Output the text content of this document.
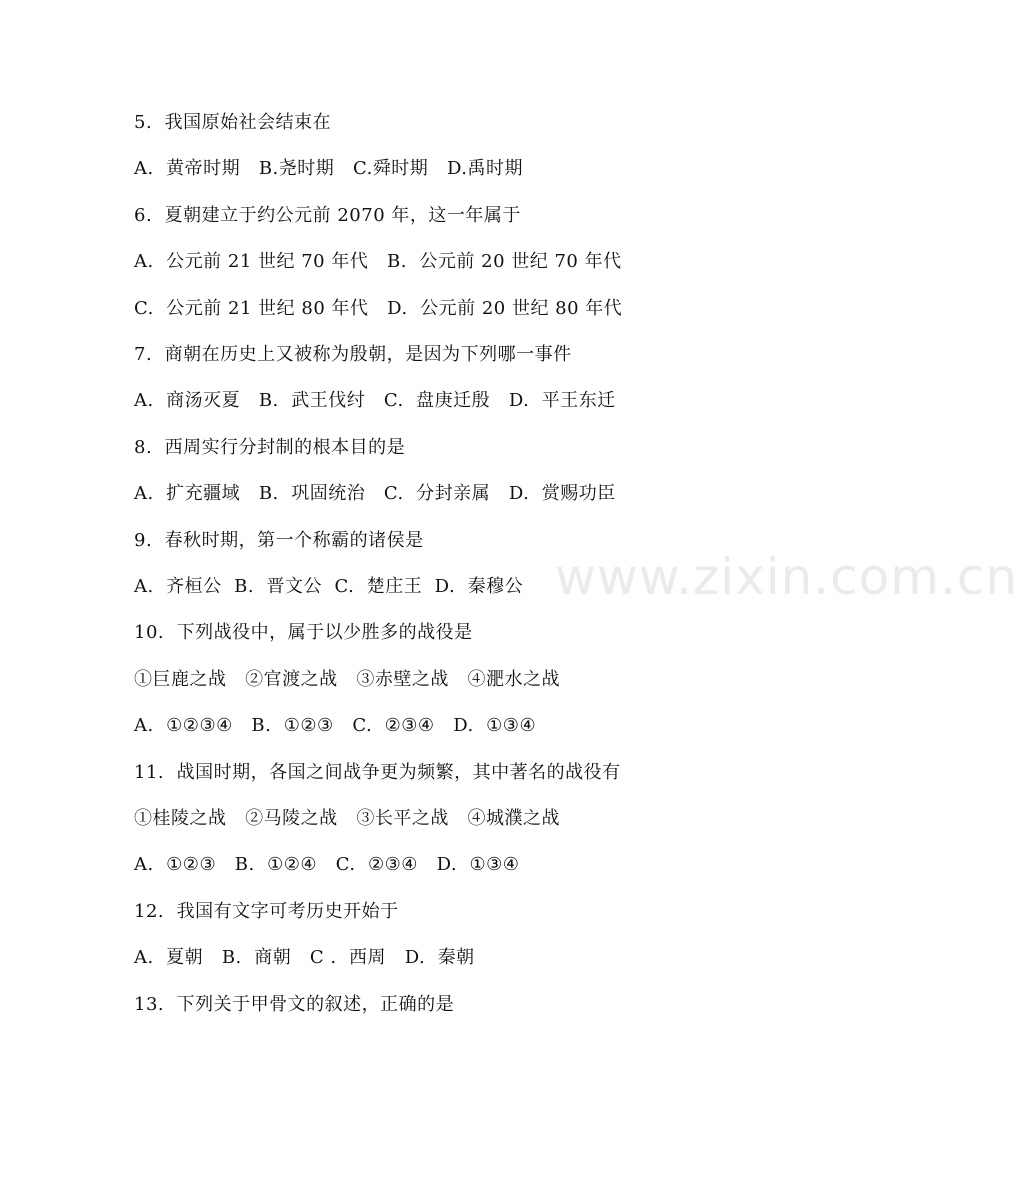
www.zixin.com.cn
5.  我国原始社会结束在
A.  黄帝时期   B.尧时期   C.舜时期   D.禹时期
6.  夏朝建立于约公元前 2070 年，这一年属于
A.  公元前 21 世纪 70 年代   B.  公元前 20 世纪 70 年代
C.  公元前 21 世纪 80 年代   D.  公元前 20 世纪 80 年代
7.  商朝在历史上又被称为殷朝，是因为下列哪一事件
A.  商汤灭夏   B.  武王伐纣   C.  盘庚迁殷   D.  平王东迁
8.  西周实行分封制的根本目的是
A.  扩充疆域   B.  巩固统治   C.  分封亲属   D.  赏赐功臣
9.  春秋时期，第一个称霸的诸侯是
A.  齐桓公  B.  晋文公  C.  楚庄王  D.  秦穆公
10.  下列战役中，属于以少胜多的战役是
①巨鹿之战   ②官渡之战   ③赤壁之战   ④淝水之战
A.  ①②③④   B.  ①②③   C.  ②③④   D.  ①③④
11.  战国时期，各国之间战争更为频繁，其中著名的战役有
①桂陵之战   ②马陵之战   ③长平之战   ④城濮之战
A.  ①②③   B.  ①②④   C.  ②③④   D.  ①③④
12.  我国有文字可考历史开始于
A.  夏朝   B.  商朝   C .  西周   D.  秦朝
13.  下列关于甲骨文的叙述，正确的是
